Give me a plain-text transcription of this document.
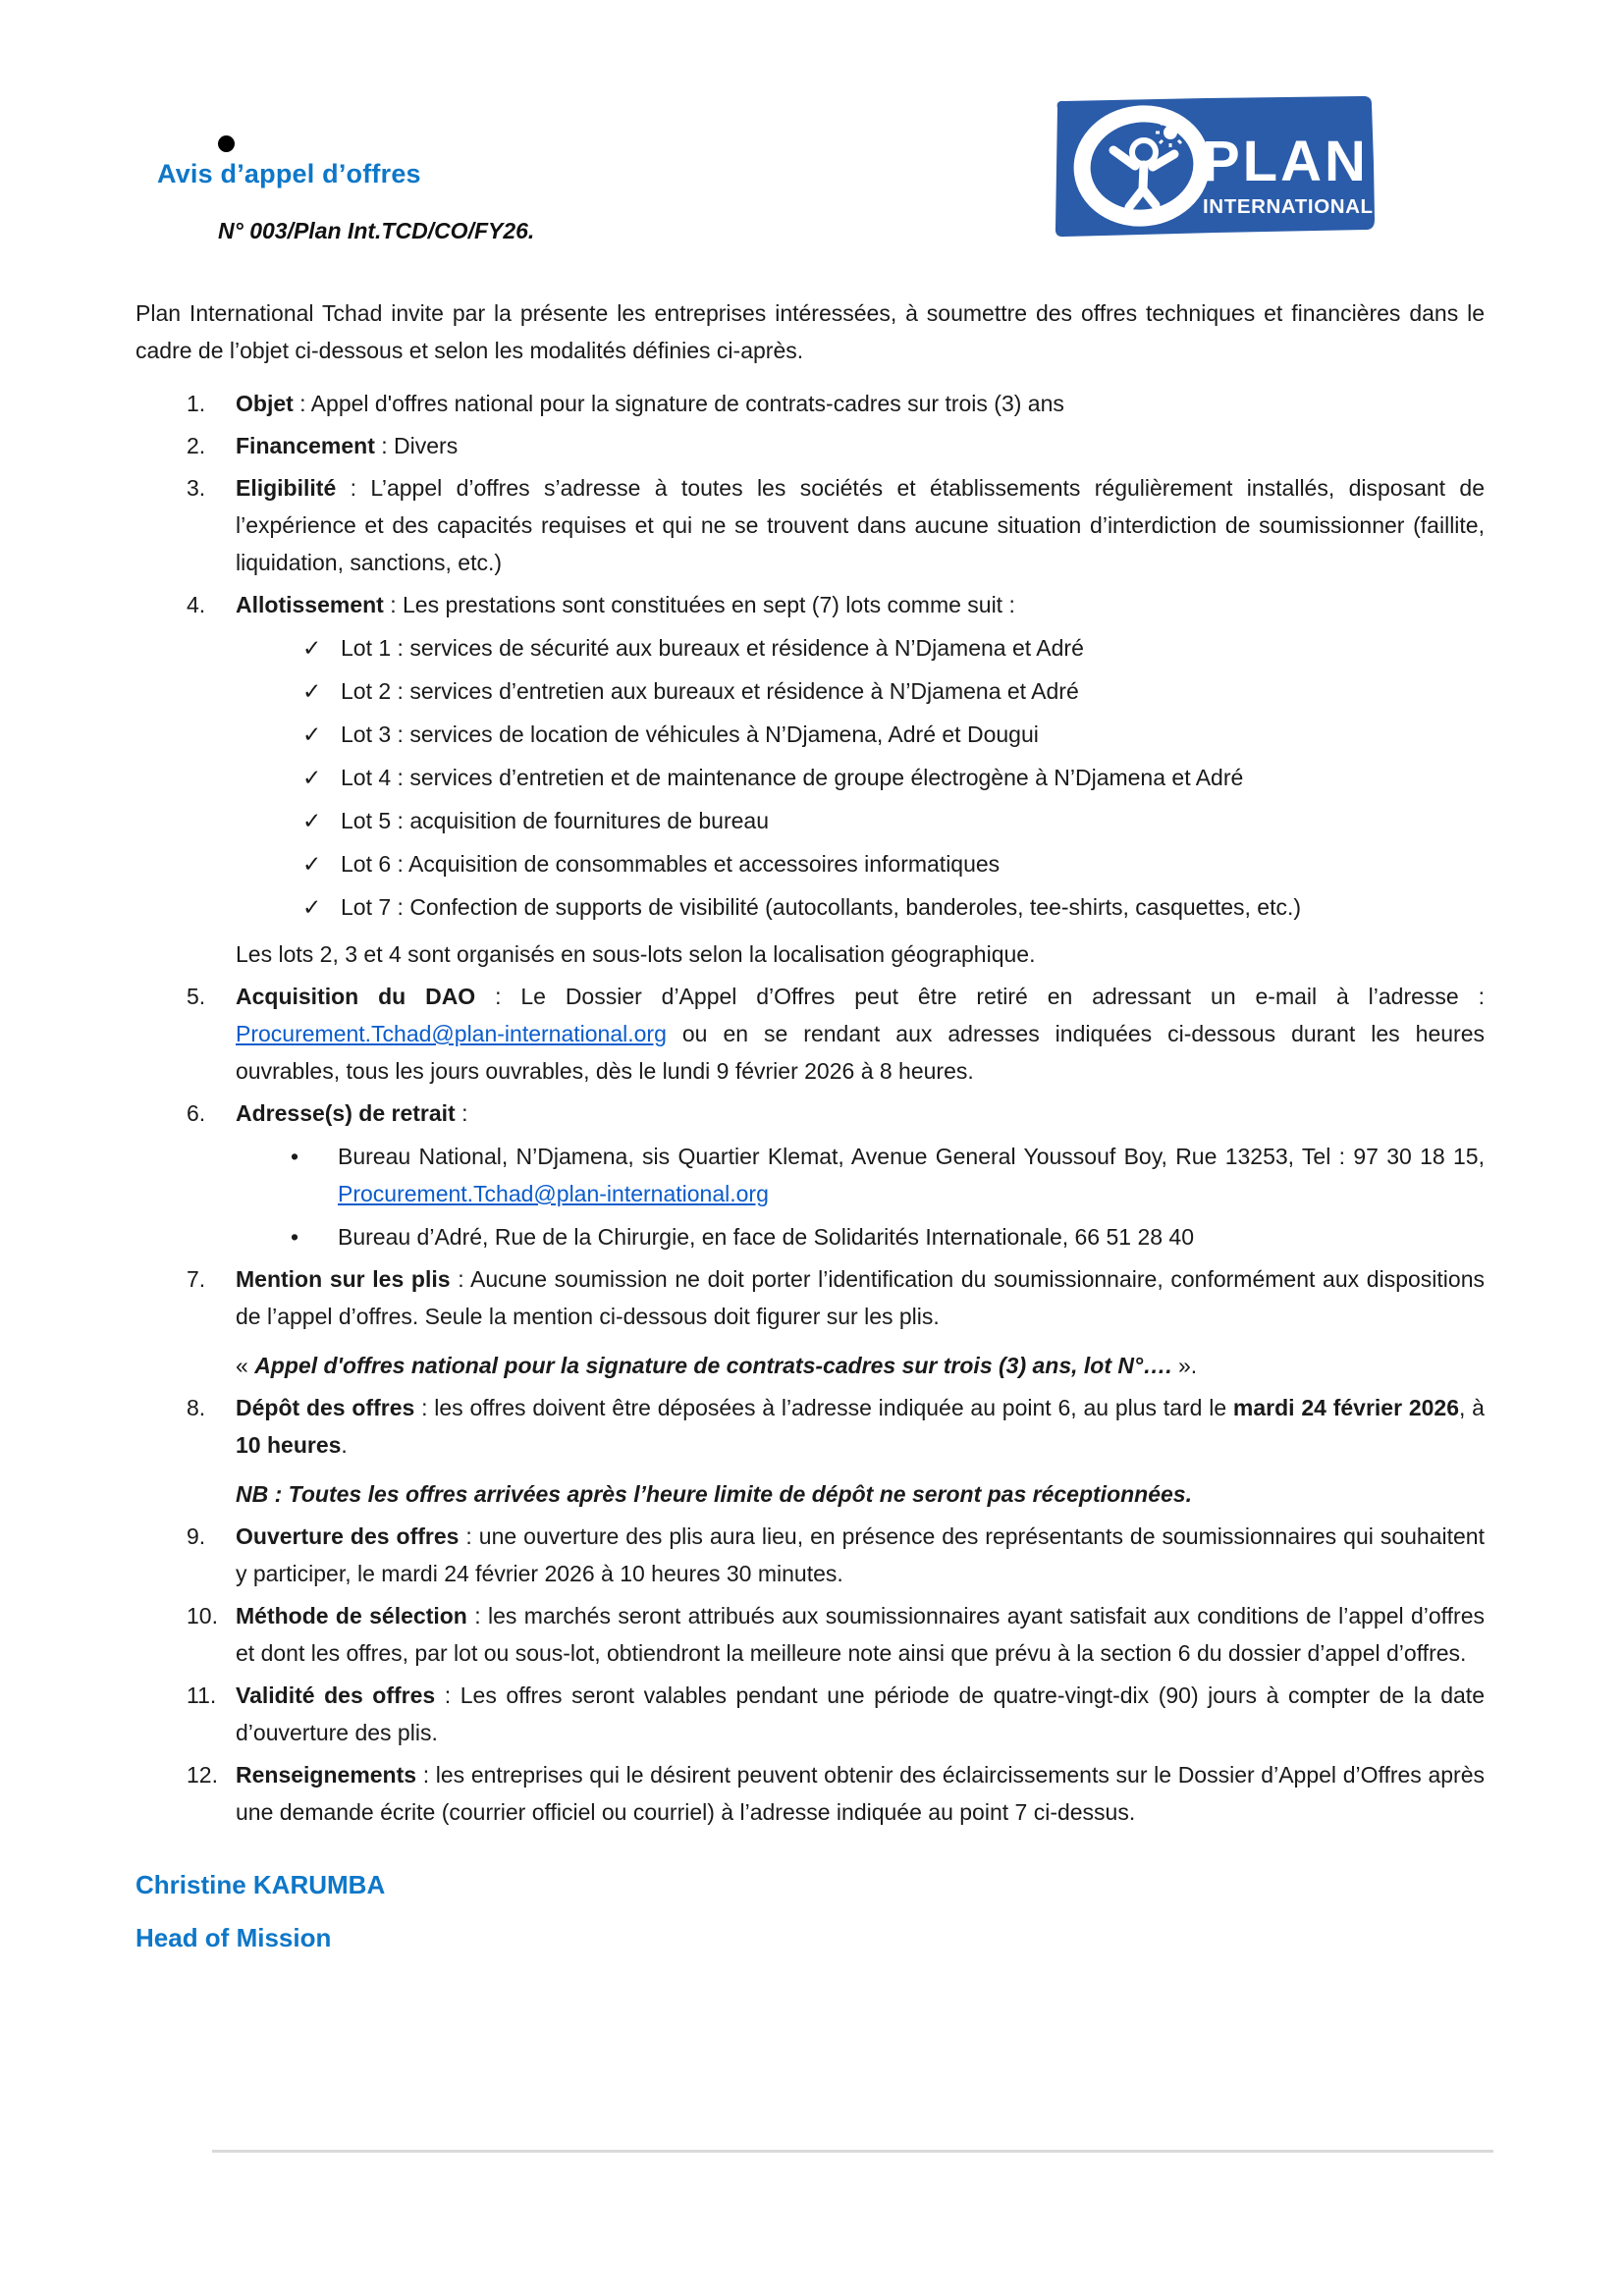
Avis d’appel d’offres
N° 003/Plan Int.TCD/CO/FY26.
PLAN
INTERNATIONAL

Plan International Tchad invite par la présente les entreprises intéressées, à soumettre des offres techniques et financières dans le cadre de l’objet ci-dessous et selon les modalités définies ci-après.

1.	Objet : Appel d'offres national pour la signature de contrats-cadres sur trois (3) ans

2.	Financement : Divers

3.	Eligibilité : L’appel d’offres s’adresse à toutes les sociétés et établissements régulièrement installés, disposant de l’expérience et des capacités requises et qui ne se trouvent dans aucune situation d’interdiction de soumissionner (faillite, liquidation, sanctions, etc.)

4.	Allotissement : Les prestations sont constituées en sept (7) lots comme suit :

✓ Lot 1 : services de sécurité aux bureaux et résidence à N’Djamena et Adré
✓ Lot 2 : services d’entretien aux bureaux et résidence à N’Djamena et Adré
✓ Lot 3 : services de location de véhicules à N’Djamena, Adré et Dougui
✓ Lot 4 : services d’entretien et de maintenance de groupe électrogène à N’Djamena et Adré
✓ Lot 5 : acquisition de fournitures de bureau
✓ Lot 6 : Acquisition de consommables et accessoires informatiques
✓ Lot 7 : Confection de supports de visibilité (autocollants, banderoles, tee-shirts, casquettes, etc.)

Les lots 2, 3 et 4 sont organisés en sous-lots selon la localisation géographique.

5.	Acquisition du DAO : Le Dossier d’Appel d’Offres peut être retiré en adressant un e-mail à l’adresse : Procurement.Tchad@plan-international.org ou en se rendant aux adresses indiquées ci-dessous durant les heures ouvrables, tous les jours ouvrables, dès le lundi 9 février 2026 à 8 heures.

6.	Adresse(s) de retrait :

•	Bureau National, N’Djamena, sis Quartier Klemat, Avenue General Youssouf Boy, Rue 13253, Tel : 97 30 18 15, Procurement.Tchad@plan-international.org
•	Bureau d’Adré, Rue de la Chirurgie, en face de Solidarités Internationale, 66 51 28 40
7.	Mention sur les plis : Aucune soumission ne doit porter l’identification du soumissionnaire, conformément aux dispositions de l’appel d’offres. Seule la mention ci-dessous doit figurer sur les plis.

« Appel d'offres national pour la signature de contrats-cadres sur trois (3) ans, lot N°…. ».

8.	Dépôt des offres : les offres doivent être déposées à l’adresse indiquée au point 6, au plus tard le mardi 24 février 2026, à 10 heures.

NB : Toutes les offres arrivées après l’heure limite de dépôt ne seront pas réceptionnées.

9.	Ouverture des offres : une ouverture des plis aura lieu, en présence des représentants de soumissionnaires qui souhaitent y participer, le mardi 24 février 2026 à 10 heures 30 minutes.

10. Méthode de sélection : les marchés seront attribués aux soumissionnaires ayant satisfait aux conditions de l’appel d’offres et dont les offres, par lot ou sous-lot, obtiendront la meilleure note ainsi que prévu à la section 6 du dossier d’appel d’offres.

11. Validité des offres : Les offres seront valables pendant une période de quatre-vingt-dix (90) jours à compter de la date d’ouverture des plis.

12. Renseignements : les entreprises qui le désirent peuvent obtenir des éclaircissements sur le Dossier d’Appel d’Offres après une demande écrite (courrier officiel ou courriel) à l’adresse indiquée au point 7 ci-dessus.

Christine KARUMBA
Head of Mission
